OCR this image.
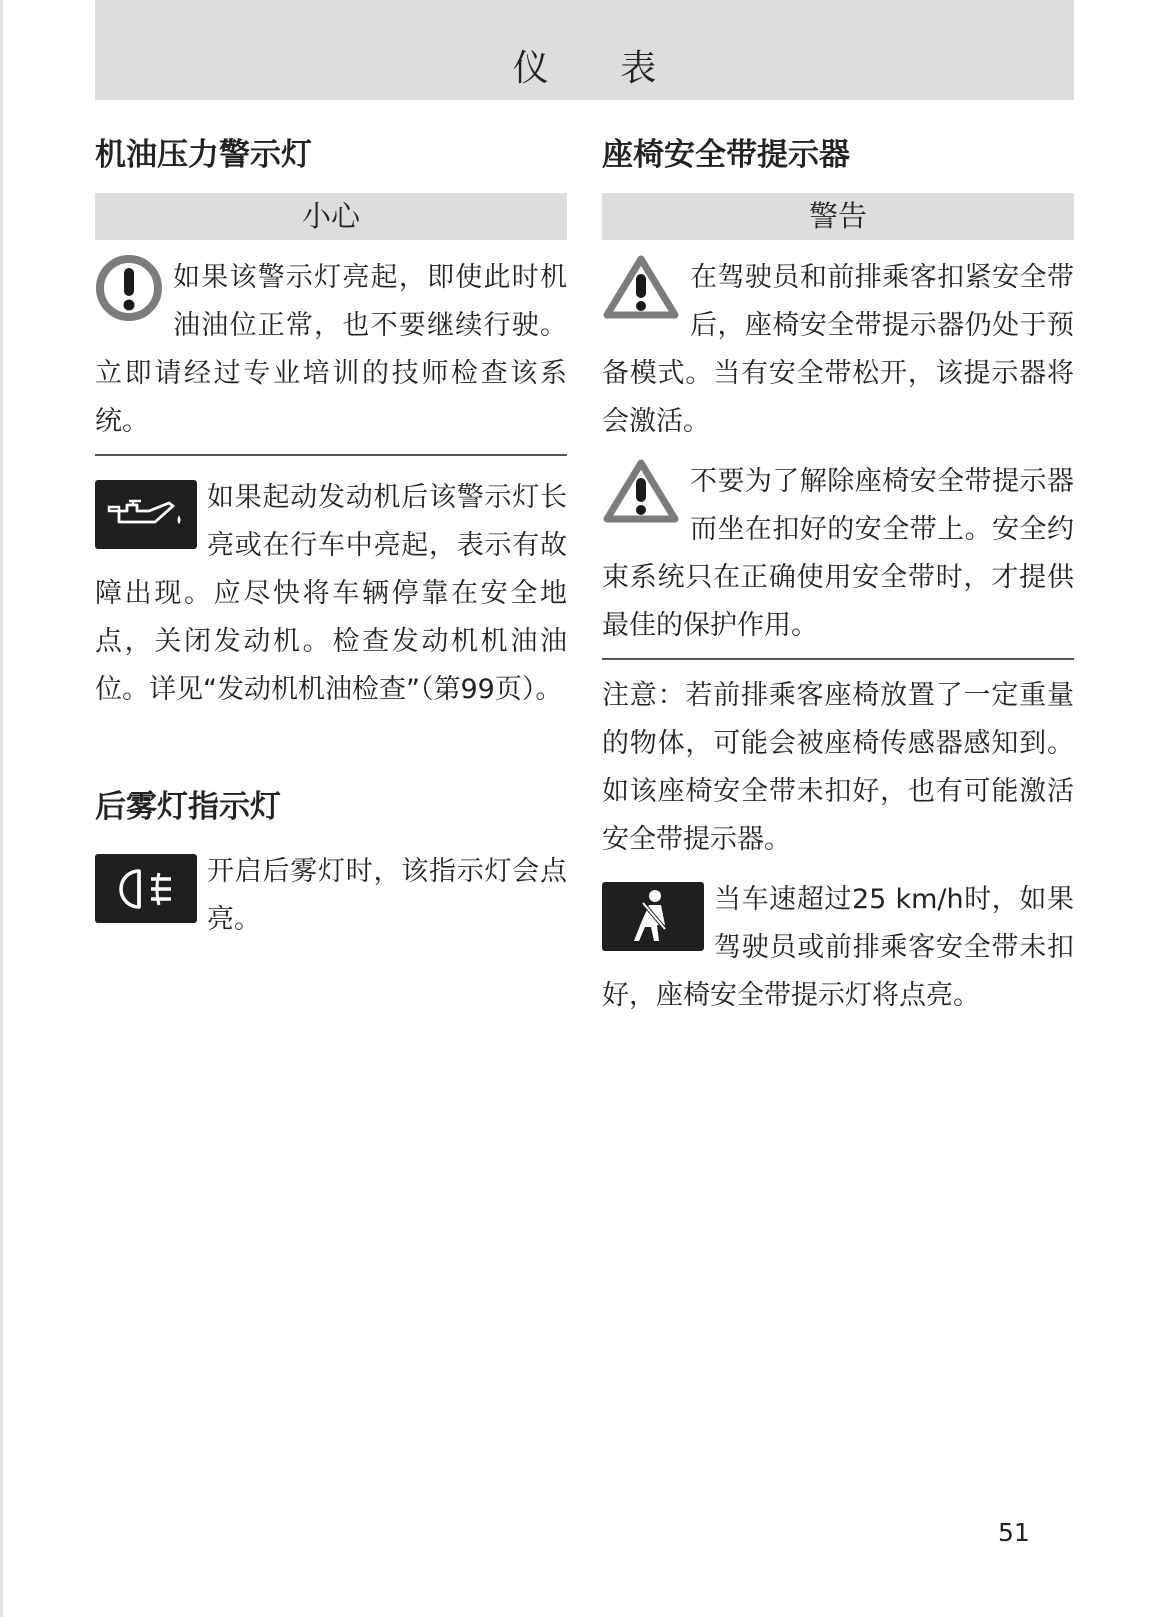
仪 表
机油压力警示灯
小心

如果该警示灯亮起，即使此时机油油位正常，也不要继续行驶。立即请经过专业培训的技师检查该系统。

如果起动发动机后该警示灯长亮或在行车中亮起，表示有故障出现。应尽快将车辆停靠在安全地点，关闭发动机。检查发动机机油油位。详见“发动机机油检查”（第99页）。

后雾灯指示灯

开启后雾灯时，该指示灯会点亮。

座椅安全带提示器
警告

在驾驶员和前排乘客扣紧安全带后，座椅安全带提示器仍处于预备模式。当有安全带松开，该提示器将会激活。

不要为了解除座椅安全带提示器而坐在扣好的安全带上。安全约束系统只在正确使用安全带时，才提供最佳的保护作用。

注意：若前排乘客座椅放置了一定重量的物体，可能会被座椅传感器感知到。如该座椅安全带未扣好，也有可能激活安全带提示器。

当车速超过25 km/h时，如果驾驶员或前排乘客安全带未扣好，座椅安全带提示灯将点亮。

51
